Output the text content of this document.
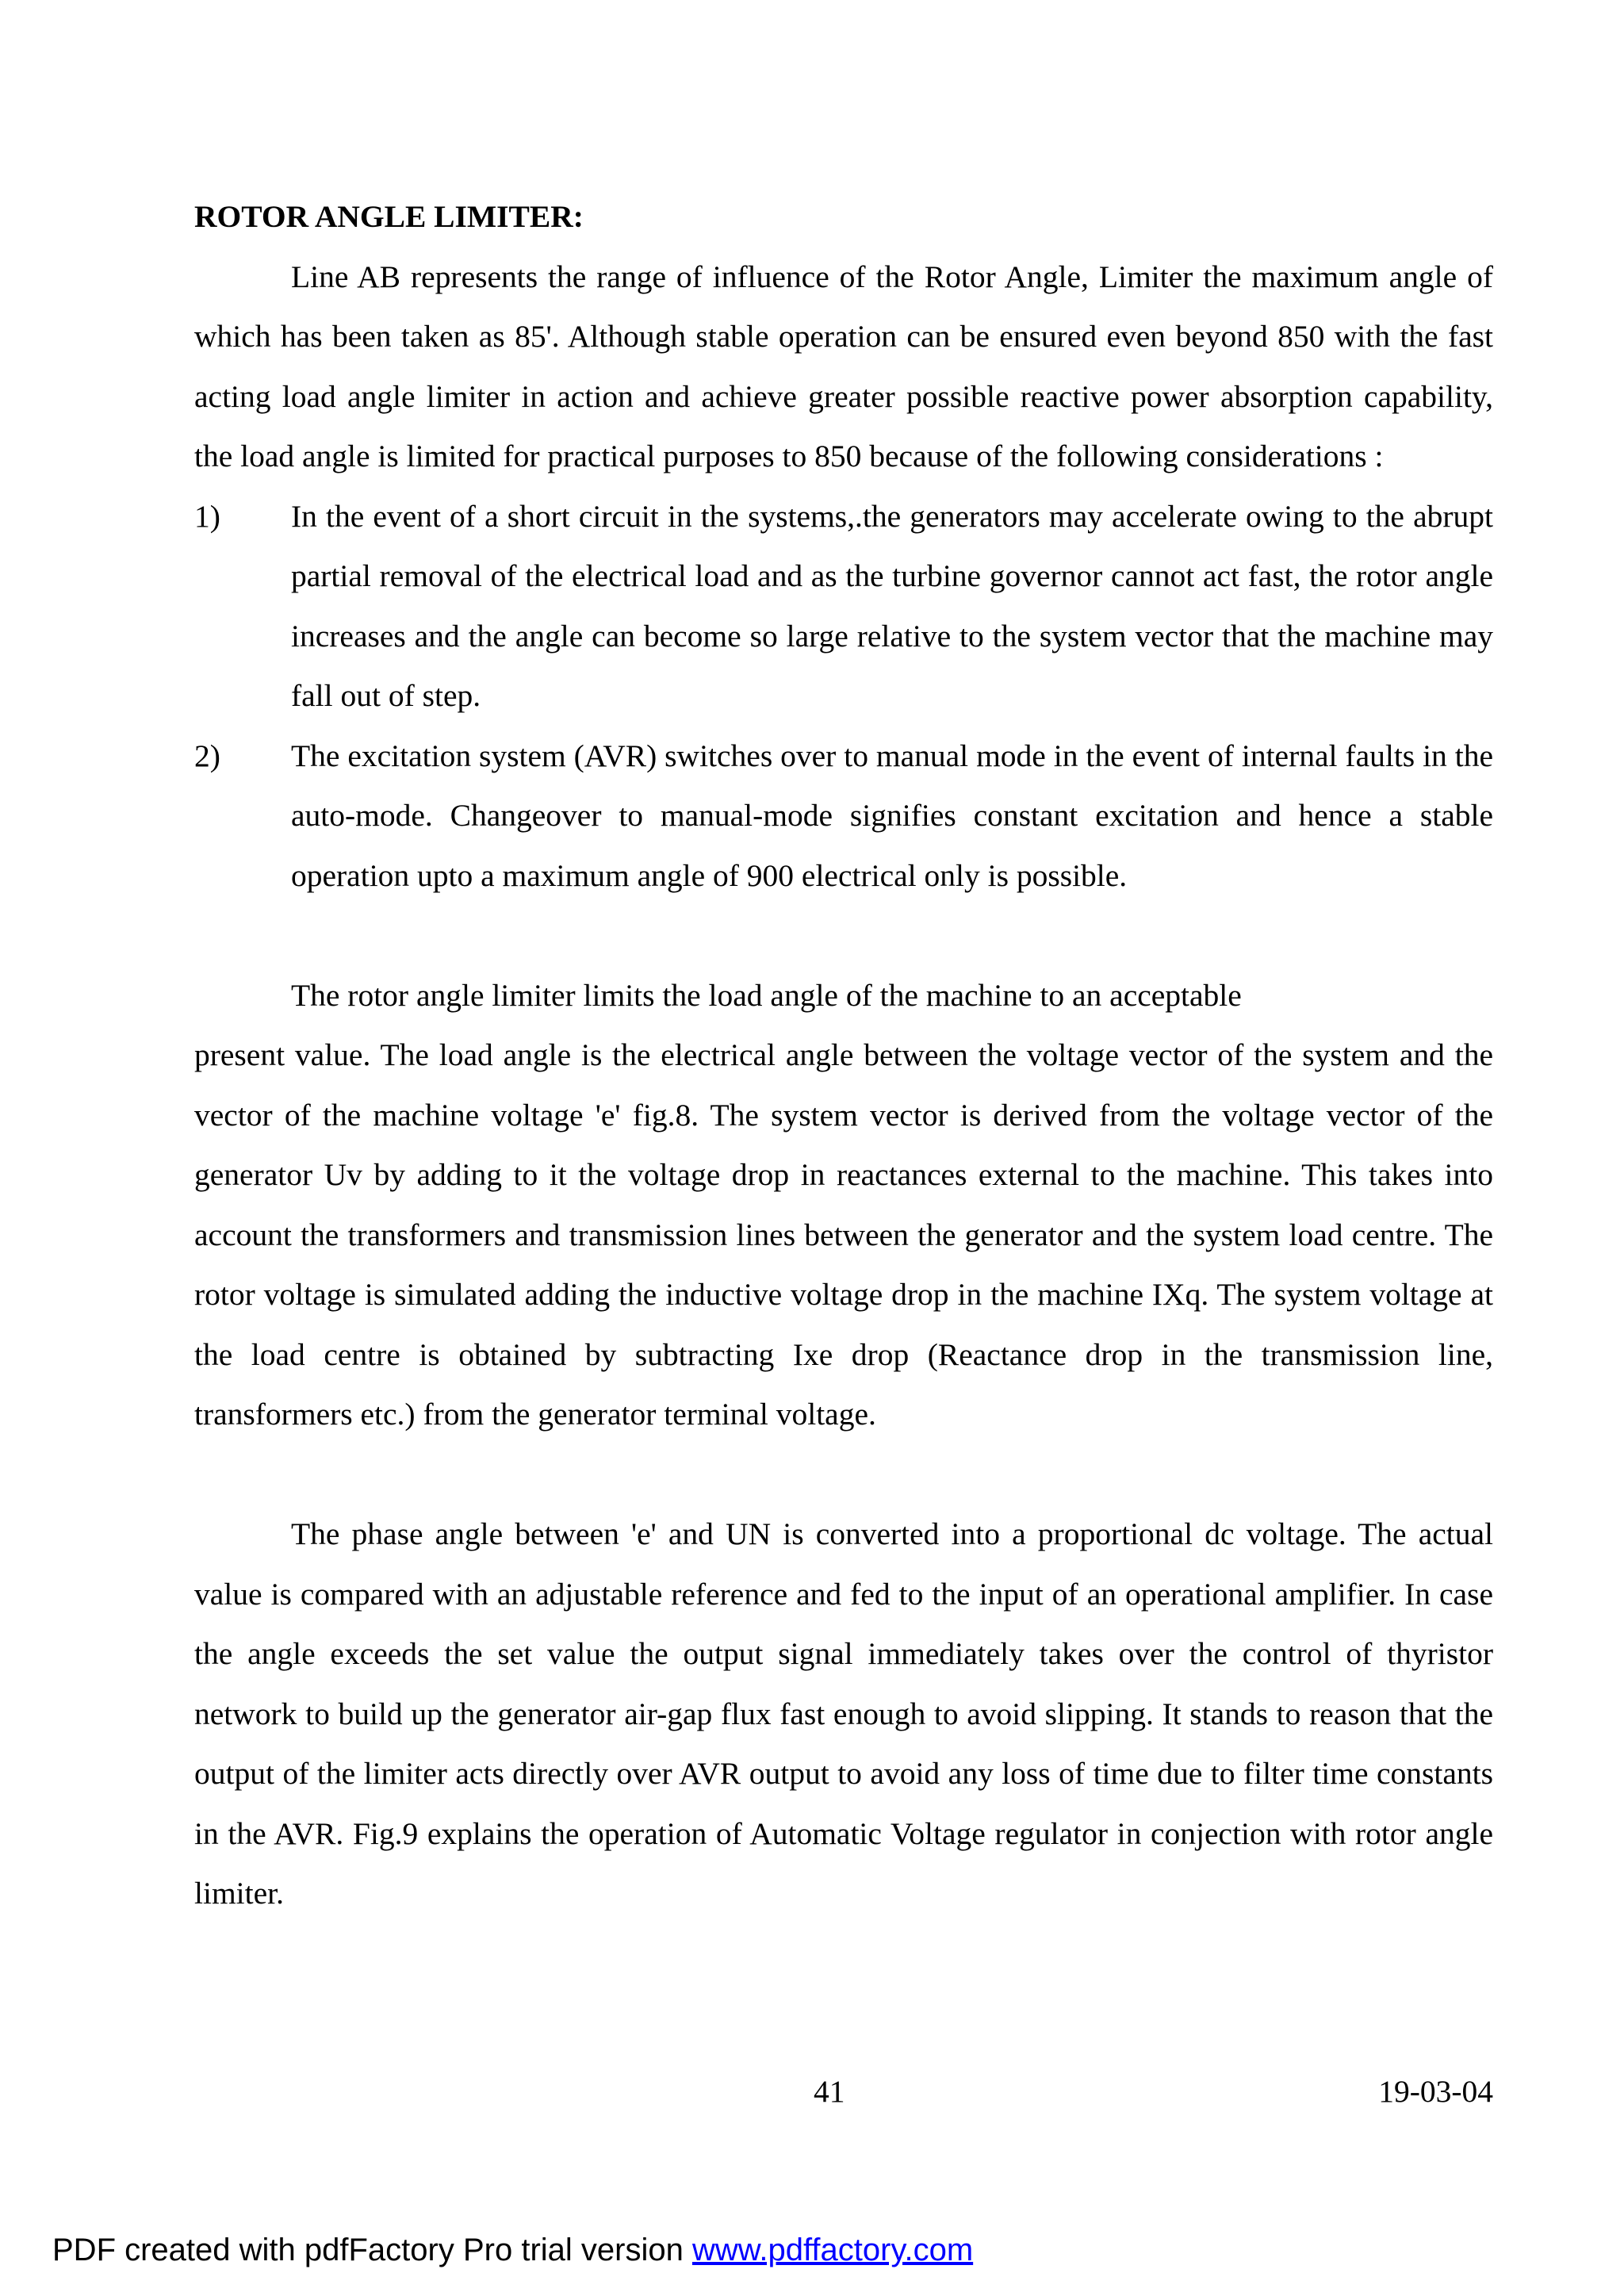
ROTOR ANGLE LIMITER:

Line AB represents the range of influence of the Rotor Angle, Limiter the maximum angle of which has been taken as 85'. Although stable operation can be ensured even beyond 850 with the fast acting load angle limiter in action and achieve greater possible reactive power absorption capability, the load angle is limited for practical purposes to 850 because of the following considerations :

1) In the event of a short circuit in the systems,.the generators may accelerate owing to the abrupt partial removal of the electrical load and as the turbine governor cannot act fast, the rotor angle increases and the angle can become so large relative to the system vector that the machine may fall out of step.
2) The excitation system (AVR) switches over to manual mode in the event of internal faults in the auto-mode. Changeover to manual-mode signifies constant excitation and hence a stable operation upto a maximum angle of 900 electrical only is possible.

The rotor angle limiter limits the load angle of the machine to an acceptable

present value. The load angle is the electrical angle between the voltage vector of the system and the vector of the machine voltage 'e' fig.8. The system vector is derived from the voltage vector of the generator Uv by adding to it the voltage drop in reactances external to the machine. This takes into account the transformers and transmission lines between the generator and the system load centre. The rotor voltage is simulated adding the inductive voltage drop in the machine IXq. The system voltage at the load centre is obtained by subtracting Ixe drop (Reactance drop in the transmission line, transformers etc.) from the generator terminal voltage.

The phase angle between 'e' and UN is converted into a proportional dc voltage. The actual value is compared with an adjustable reference and fed to the input of an operational amplifier. In case the angle exceeds the set value the output signal immediately takes over the control of thyristor network to build up the generator air-gap flux fast enough to avoid slipping. It stands to reason that the output of the limiter acts directly over AVR output to avoid any loss of time due to filter time constants in the AVR. Fig.9 explains the operation of Automatic Voltage regulator in conjection with rotor angle limiter.

41	19-03-04
PDF created with pdfFactory Pro trial version www.pdffactory.com
